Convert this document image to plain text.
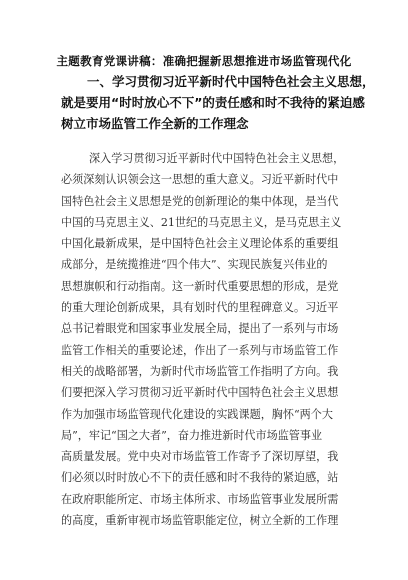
主题教育党课讲稿：准确把握新思想推进市场监管现代化
一、学习贯彻习近平新时代中国特色社会主义思想，
就是要用“时时放心不下”的责任感和时不我待的紧迫感
树立市场监管工作全新的工作理念
深入学习贯彻习近平新时代中国特色社会主义思想，
必须深刻认识领会这一思想的重大意义。习近平新时代中
国特色社会主义思想是党的创新理论的集中体现，是当代
中国的马克思主义、21世纪的马克思主义，是马克思主义
中国化最新成果，是中国特色社会主义理论体系的重要组
成部分，是统揽推进“四个伟大”、实现民族复兴伟业的
思想旗帜和行动指南。这一新时代重要思想的形成，是党
的重大理论创新成果，具有划时代的里程碑意义。习近平
总书记着眼党和国家事业发展全局，提出了一系列与市场
监管工作相关的重要论述，作出了一系列与市场监管工作
相关的战略部署，为新时代市场监管工作指明了方向。我
们要把深入学习贯彻习近平新时代中国特色社会主义思想
作为加强市场监管现代化建设的实践课题，胸怀“两个大
局”，牢记“国之大者”，奋力推进新时代市场监管事业
高质量发展。党中央对市场监管工作寄予了深切厚望，我
们必须以时时放心不下的责任感和时不我待的紧迫感，站
在政府职能所定、市场主体所求、市场监管事业发展所需
的高度，重新审视市场监管职能定位，树立全新的工作理
